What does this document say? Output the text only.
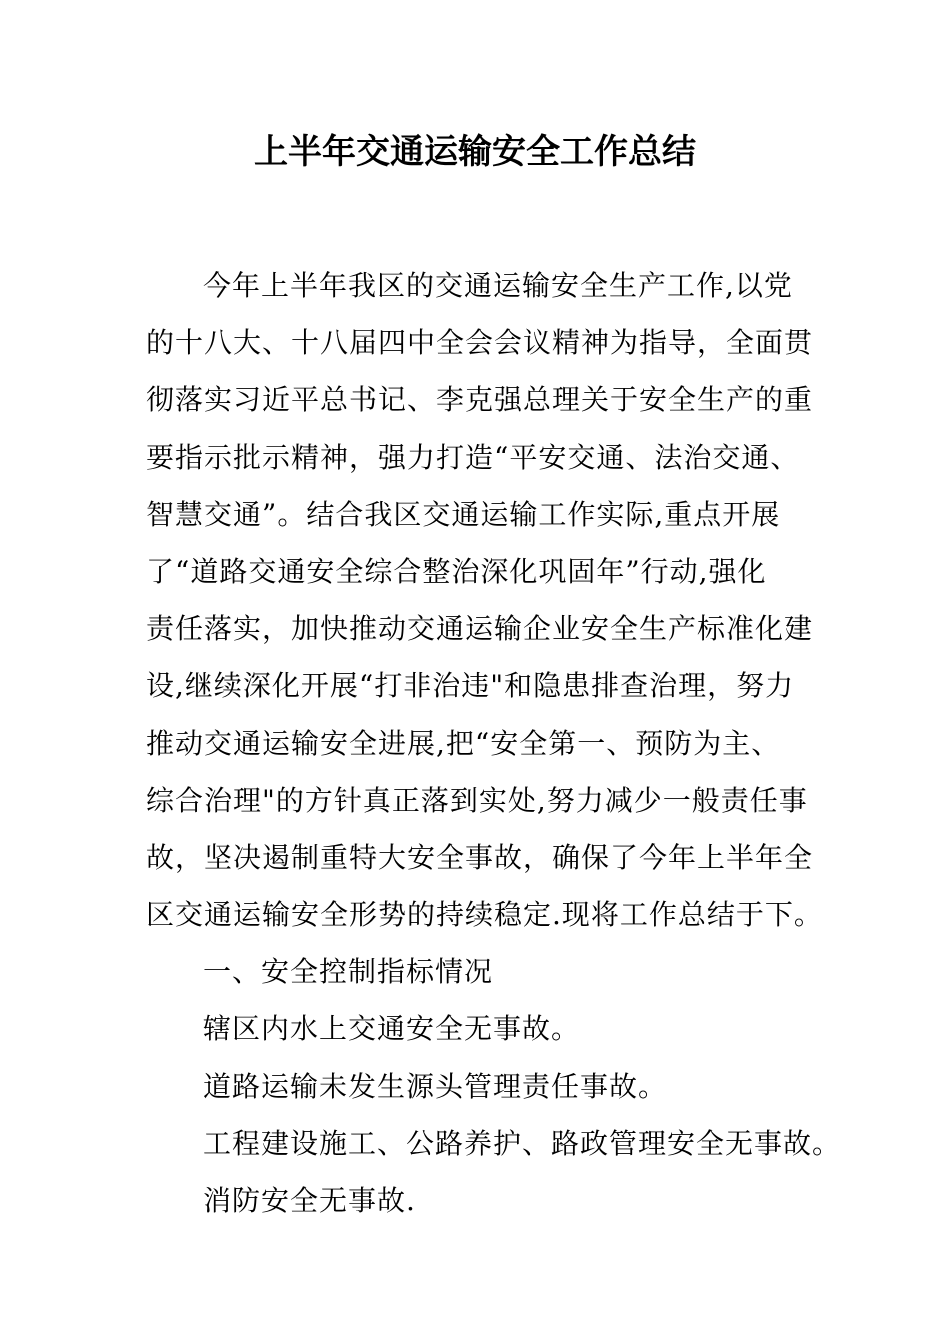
上半年交通运输安全工作总结
今年上半年我区的交通运输安全生产工作,以党
的十八大、十八届四中全会会议精神为指导，全面贯
彻落实习近平总书记、李克强总理关于安全生产的重
要指示批示精神，强力打造“平安交通、法治交通、
智慧交通”。结合我区交通运输工作实际,重点开展
了“道路交通安全综合整治深化巩固年”行动,强化
责任落实，加快推动交通运输企业安全生产标准化建
设,继续深化开展“打非治违"和隐患排查治理，努力
推动交通运输安全进展,把“安全第一、预防为主、
综合治理"的方针真正落到实处,努力减少一般责任事
故，坚决遏制重特大安全事故，确保了今年上半年全
区交通运输安全形势的持续稳定.现将工作总结于下。
一、安全控制指标情况
辖区内水上交通安全无事故。
道路运输未发生源头管理责任事故。
工程建设施工、公路养护、路政管理安全无事故。
消防安全无事故.
